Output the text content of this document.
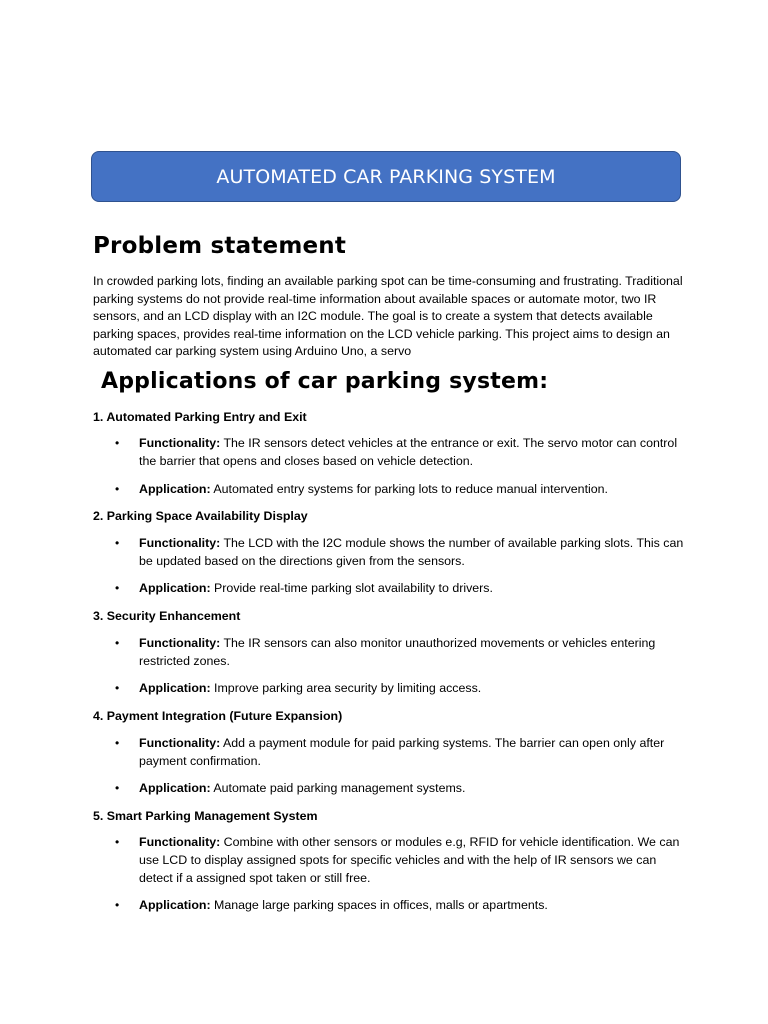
AUTOMATED CAR PARKING SYSTEM
Problem statement

In crowded parking lots, finding an available parking spot can be time-consuming and frustrating. Traditional parking systems do not provide real-time information about available spaces or automate motor, two IR sensors, and an LCD display with an I2C module. The goal is to create a system that detects available parking spaces, provides real-time information on the LCD vehicle parking. This project aims to design an automated car parking system using Arduino Uno, a servo

Applications of car parking system:

1. Automated Parking Entry and Exit

• Functionality: The IR sensors detect vehicles at the entrance or exit. The servo motor can control the barrier that opens and closes based on vehicle detection.

• Application: Automated entry systems for parking lots to reduce manual intervention.

2. Parking Space Availability Display

• Functionality: The LCD with the I2C module shows the number of available parking slots. This can be updated based on the directions given from the sensors.

• Application: Provide real-time parking slot availability to drivers.

3. Security Enhancement

• Functionality: The IR sensors can also monitor unauthorized movements or vehicles entering restricted zones.

• Application: Improve parking area security by limiting access.

4. Payment Integration (Future Expansion)

• Functionality: Add a payment module for paid parking systems. The barrier can open only after payment confirmation.

• Application: Automate paid parking management systems.

5. Smart Parking Management System

• Functionality: Combine with other sensors or modules e.g, RFID for vehicle identification. We can use LCD to display assigned spots for specific vehicles and with the help of IR sensors we can detect if a assigned spot taken or still free.

• Application: Manage large parking spaces in offices, malls or apartments.
